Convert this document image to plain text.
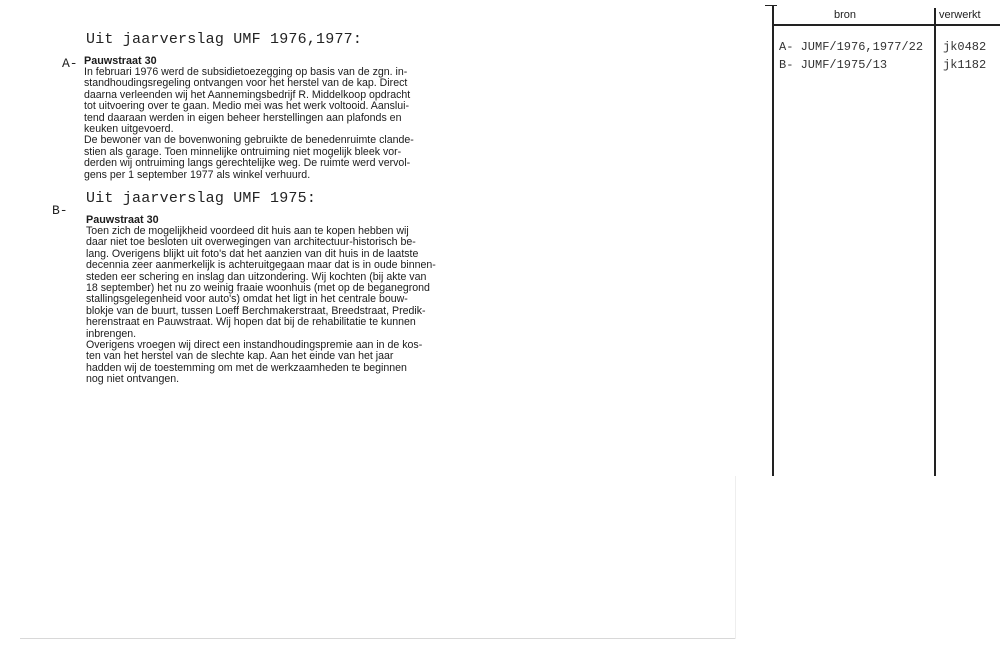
A-
Uit jaarverslag UMF 1976,1977:
Pauwstraat 30

In februari 1976 werd de subsidietoezegging op basis van de zgn. in-

standhoudingsregeling ontvangen voor het herstel van de kap. Direct

daarna verleenden wij het Aannemingsbedrijf R. Middelkoop opdracht

tot uitvoering over te gaan. Medio mei was het werk voltooid. Aanslui-

tend daaraan werden in eigen beheer herstellingen aan plafonds en

keuken uitgevoerd.

De bewoner van de bovenwoning gebruikte de benedenruimte clande-

stien als garage. Toen minnelijke ontruiming niet mogelijk bleek vor-

derden wij ontruiming langs gerechtelijke weg. De ruimte werd vervol-

gens per 1 september 1977 als winkel verhuurd.

B-
Uit jaarverslag UMF 1975:
Pauwstraat 30

Toen zich de mogelijkheid voordeed dit huis aan te kopen hebben wij

daar niet toe besloten uit overwegingen van architectuur-historisch be-

lang. Overigens blijkt uit foto's dat het aanzien van dit huis in de laatste

decennia zeer aanmerkelijk is achteruitgegaan maar dat is in oude binnen-

steden eer schering en inslag dan uitzondering. Wij kochten (bij akte van

18 september) het nu zo weinig fraaie woonhuis (met op de beganegrond

stallingsgelegenheid voor auto's) omdat het ligt in het centrale bouw-

blokje van de buurt, tussen Loeff Berchmakerstraat, Breedstraat, Predik-

herenstraat en Pauwstraat. Wij hopen dat bij de rehabilitatie te kunnen

inbrengen.

Overigens vroegen wij direct een instandhoudingspremie aan in de kos-

ten van het herstel van de slechte kap. Aan het einde van het jaar

hadden wij de toestemming om met de werkzaamheden te beginnen

nog niet ontvangen.

bron	verwerkt
A- JUMF/1976,1977/22
B- JUMF/1975/13
jk0482
jk1182
